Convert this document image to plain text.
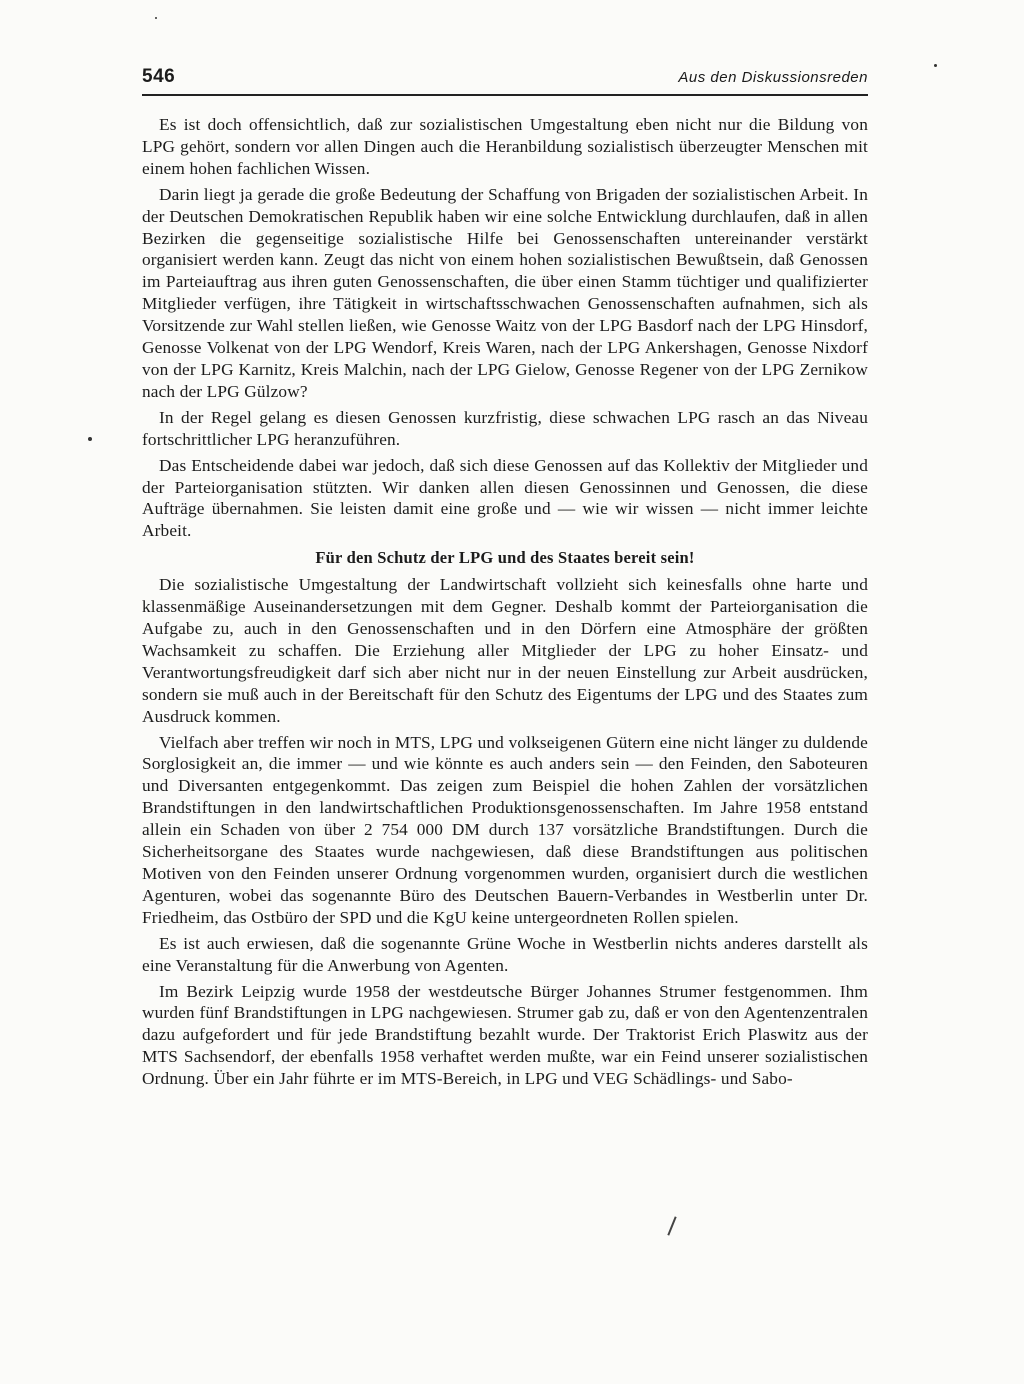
546	Aus den Diskussionsreden

Es ist doch offensichtlich, daß zur sozialistischen Umgestaltung eben nicht nur die Bildung von LPG gehört, sondern vor allen Dingen auch die Heranbildung sozialistisch überzeugter Menschen mit einem hohen fachlichen Wissen.

Darin liegt ja gerade die große Bedeutung der Schaffung von Brigaden der sozialistischen Arbeit. In der Deutschen Demokratischen Republik haben wir eine solche Entwicklung durchlaufen, daß in allen Bezirken die gegenseitige sozialistische Hilfe bei Genossenschaften untereinander verstärkt organisiert werden kann. Zeugt das nicht von einem hohen sozialistischen Bewußtsein, daß Genossen im Parteiauftrag aus ihren guten Genossenschaften, die über einen Stamm tüchtiger und qualifizierter Mitglieder verfügen, ihre Tätigkeit in wirtschaftsschwachen Genossenschaften aufnahmen, sich als Vorsitzende zur Wahl stellen ließen, wie Genosse Waitz von der LPG Basdorf nach der LPG Hinsdorf, Genosse Volkenat von der LPG Wendorf, Kreis Waren, nach der LPG Ankershagen, Genosse Nixdorf von der LPG Karnitz, Kreis Malchin, nach der LPG Gielow, Genosse Regener von der LPG Zernikow nach der LPG Gülzow?

In der Regel gelang es diesen Genossen kurzfristig, diese schwachen LPG rasch an das Niveau fortschrittlicher LPG heranzuführen.

Das Entscheidende dabei war jedoch, daß sich diese Genossen auf das Kollektiv der Mitglieder und der Parteiorganisation stützten. Wir danken allen diesen Genossinnen und Genossen, die diese Aufträge übernahmen. Sie leisten damit eine große und — wie wir wissen — nicht immer leichte Arbeit.

Für den Schutz der LPG und des Staates bereit sein!

Die sozialistische Umgestaltung der Landwirtschaft vollzieht sich keinesfalls ohne harte und klassenmäßige Auseinandersetzungen mit dem Gegner. Deshalb kommt der Parteiorganisation die Aufgabe zu, auch in den Genossenschaften und in den Dörfern eine Atmosphäre der größten Wachsamkeit zu schaffen. Die Erziehung aller Mitglieder der LPG zu hoher Einsatz- und Verantwortungsfreudigkeit darf sich aber nicht nur in der neuen Einstellung zur Arbeit ausdrücken, sondern sie muß auch in der Bereitschaft für den Schutz des Eigentums der LPG und des Staates zum Ausdruck kommen.

Vielfach aber treffen wir noch in MTS, LPG und volkseigenen Gütern eine nicht länger zu duldende Sorglosigkeit an, die immer — und wie könnte es auch anders sein — den Feinden, den Saboteuren und Diversanten entgegenkommt. Das zeigen zum Beispiel die hohen Zahlen der vorsätzlichen Brandstiftungen in den landwirtschaftlichen Produktionsgenossenschaften. Im Jahre 1958 entstand allein ein Schaden von über 2 754 000 DM durch 137 vorsätzliche Brandstiftungen. Durch die Sicherheitsorgane des Staates wurde nachgewiesen, daß diese Brandstiftungen aus politischen Motiven von den Feinden unserer Ordnung vorgenommen wurden, organisiert durch die westlichen Agenturen, wobei das sogenannte Büro des Deutschen Bauern-Verbandes in Westberlin unter Dr. Friedheim, das Ostbüro der SPD und die KgU keine untergeordneten Rollen spielen.

Es ist auch erwiesen, daß die sogenannte Grüne Woche in Westberlin nichts anderes darstellt als eine Veranstaltung für die Anwerbung von Agenten.

Im Bezirk Leipzig wurde 1958 der westdeutsche Bürger Johannes Strumer festgenommen. Ihm wurden fünf Brandstiftungen in LPG nachgewiesen. Strumer gab zu, daß er von den Agentenzentralen dazu aufgefordert und für jede Brandstiftung bezahlt wurde. Der Traktorist Erich Plaswitz aus der MTS Sachsendorf, der ebenfalls 1958 verhaftet werden mußte, war ein Feind unserer sozialistischen Ordnung. Über ein Jahr führte er im MTS-Bereich, in LPG und VEG Schädlings- und Sabo-
